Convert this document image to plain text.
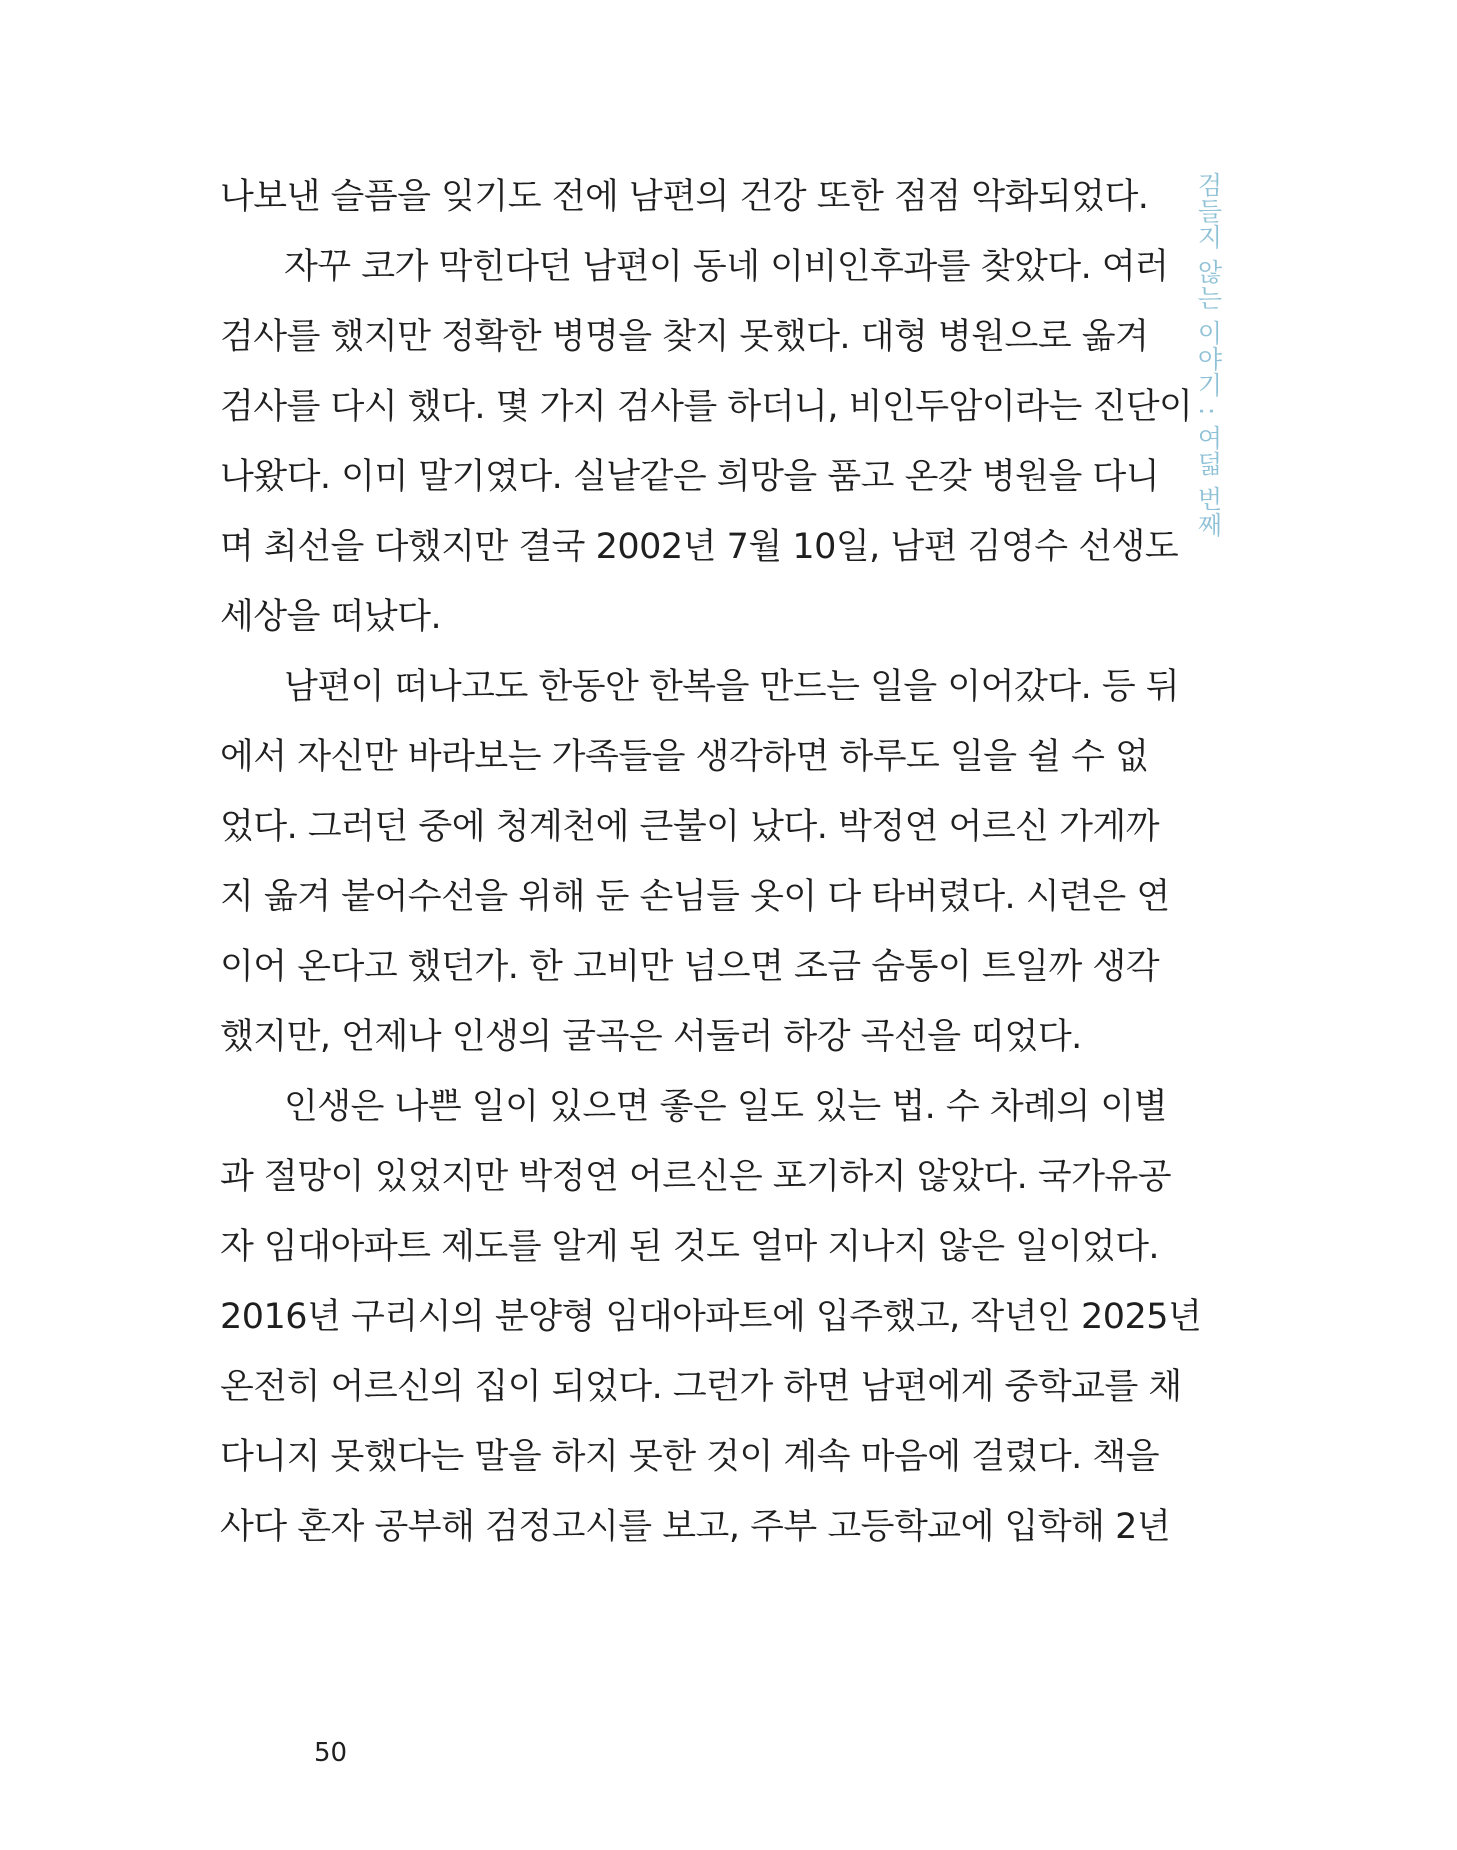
나보낸 슬픔을 잊기도 전에 남편의 건강 또한 점점 악화되었다.
자꾸 코가 막힌다던 남편이 동네 이비인후과를 찾았다. 여러
검사를 했지만 정확한 병명을 찾지 못했다. 대형 병원으로 옮겨
검사를 다시 했다. 몇 가지 검사를 하더니, 비인두암이라는 진단이
나왔다. 이미 말기였다. 실낱같은 희망을 품고 온갖 병원을 다니
며 최선을 다했지만 결국 2002년 7월 10일, 남편 김영수 선생도
세상을 떠났다.
남편이 떠나고도 한동안 한복을 만드는 일을 이어갔다. 등 뒤
에서 자신만 바라보는 가족들을 생각하면 하루도 일을 쉴 수 없
었다. 그러던 중에 청계천에 큰불이 났다. 박정연 어르신 가게까
지 옮겨 붙어수선을 위해 둔 손님들 옷이 다 타버렸다. 시련은 연
이어 온다고 했던가. 한 고비만 넘으면 조금 숨통이 트일까 생각
했지만, 언제나 인생의 굴곡은 서둘러 하강 곡선을 띠었다.
인생은 나쁜 일이 있으면 좋은 일도 있는 법. 수 차례의 이별
과 절망이 있었지만 박정연 어르신은 포기하지 않았다. 국가유공
자 임대아파트 제도를 알게 된 것도 얼마 지나지 않은 일이었다.
2016년 구리시의 분양형 임대아파트에 입주했고, 작년인 2025년
온전히 어르신의 집이 되었다. 그런가 하면 남편에게 중학교를 채
다니지 못했다는 말을 하지 못한 것이 계속 마음에 걸렸다. 책을
사다 혼자 공부해 검정고시를 보고, 주부 고등학교에 입학해 2년
검들지 않는 이야기 : 여덟 번째
50
